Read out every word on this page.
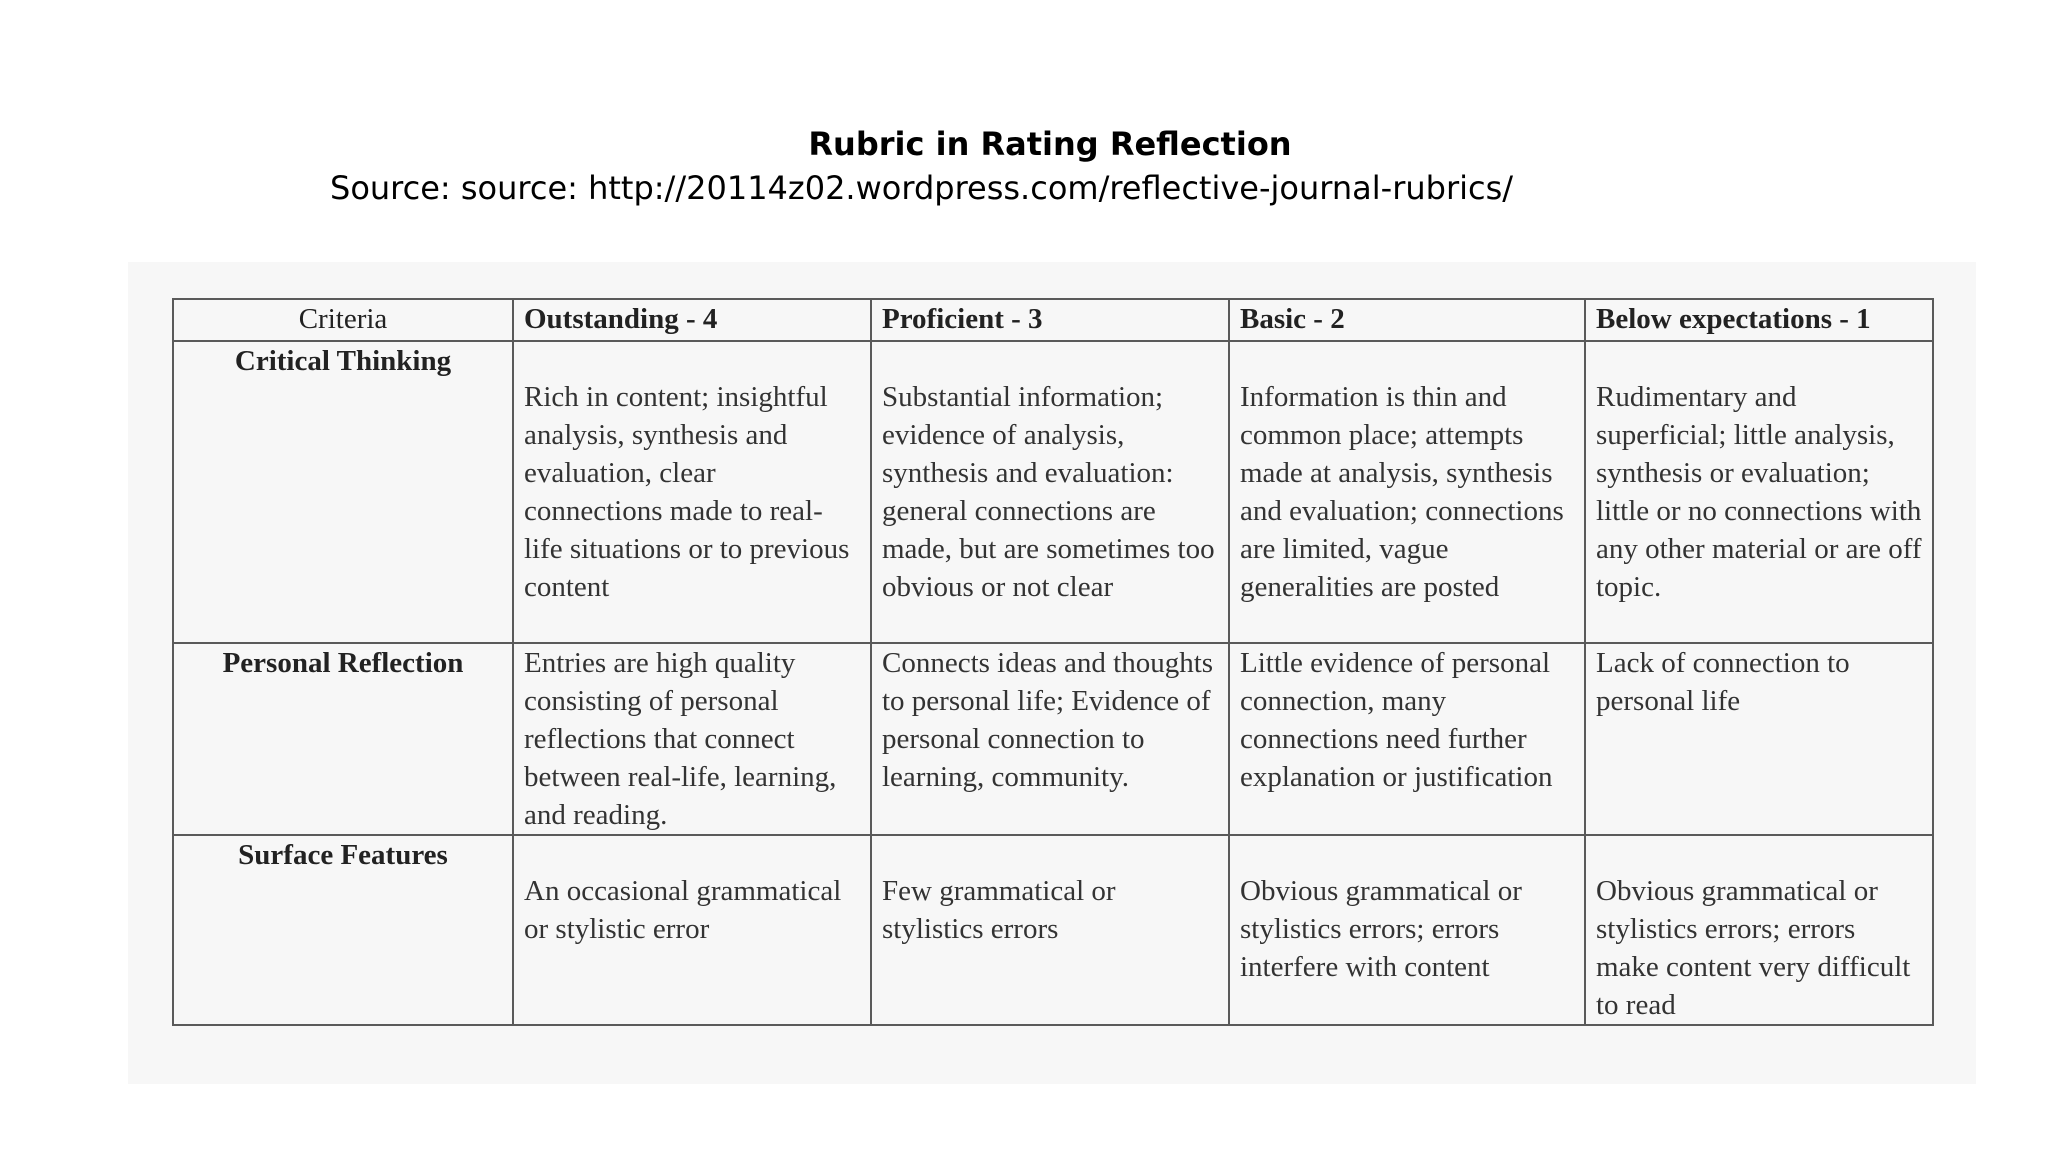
Rubric in Rating Reflection
Source: source: http://20114z02.wordpress.com/reflective-journal-rubrics/
Criteria	Outstanding - 4	Proficient - 3	Basic - 2	Below expectations - 1
Critical Thinking	Rich in content; insightful analysis, synthesis and evaluation, clear connections made to real-life situations or to previous content	Substantial information; evidence of analysis, synthesis and evaluation: general connections are made, but are sometimes too obvious or not clear	Information is thin and common place; attempts made at analysis, synthesis and evaluation; connections are limited, vague generalities are posted	Rudimentary and superficial; little analysis, synthesis or evaluation; little or no connections with any other material or are off topic.

Personal Reflection	Entries are high quality consisting of personal reflections that connect between real-life, learning, and reading.	Connects ideas and thoughts to personal life; Evidence of personal connection to learning, community.	Little evidence of personal connection, many connections need further explanation or justification	Lack of connection to personal life

Surface Features	An occasional grammatical or stylistic error	Few grammatical or stylistics errors	Obvious grammatical or stylistics errors; errors interfere with content	Obvious grammatical or stylistics errors; errors make content very difficult to read
